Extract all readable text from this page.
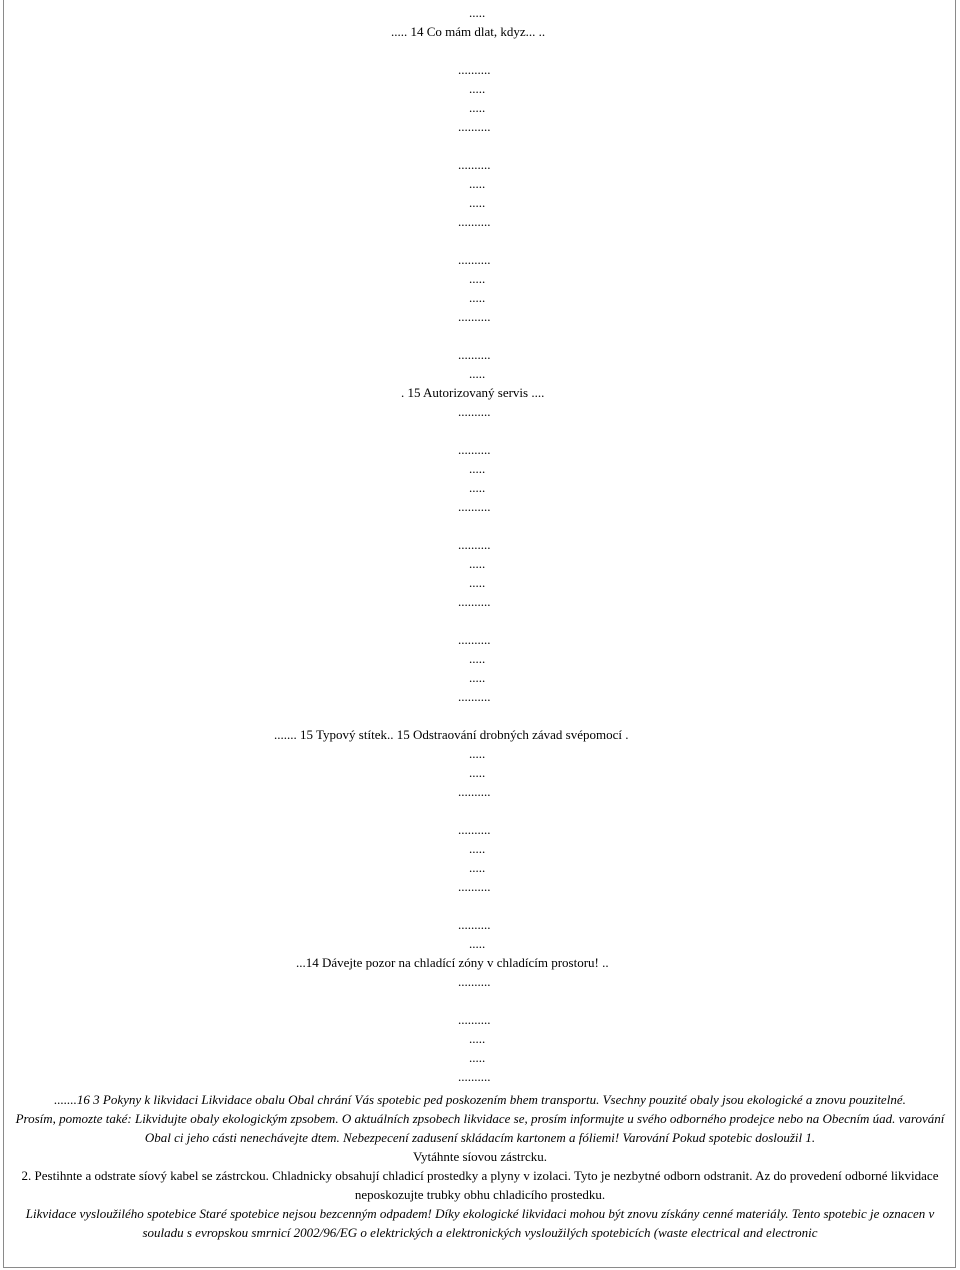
.....
..... 14 Co mám dlat, kdyz... ..
..........
.....
.....
..........
..........
.....
.....
..........
..........
.....
.....
..........
..........
.....
. 15 Autorizovaný servis ....
..........
..........
.....
.....
..........
..........
.....
.....
..........
..........
.....
.....
..........
....... 15 Typový stítek.. 15 Odstraování drobných závad svépomocí .
.....
.....
..........
..........
.....
.....
..........
..........
.....
...14 Dávejte pozor na chladící zóny v chladícím prostoru! ..
..........
..........
.....
.....
..........

.......16 3 Pokyny k likvidaci Likvidace obalu Obal chrání Vás spotebic ped poskozením bhem transportu. Vsechny pouzité obaly jsou ekologické a znovu pouzitelné.

Prosím, pomozte také: Likvidujte obaly ekologickým zpsobem. O aktuálních zpsobech likvidace se, prosím informujte u svého odborného prodejce nebo na Obecním úad. varování Obal ci jeho cásti nenechávejte dtem. Nebezpecení zadusení skládacím kartonem a fóliemi! Varování Pokud spotebic dosloužil 1.

Vytáhnte síovou zástrcku.

2. Pestihnte a odstrate síový kabel se zástrckou. Chladnicky obsahují chladicí prostedky a plyny v izolaci. Tyto je nezbytné odborn odstranit. Az do provedení odborné likvidace neposkozujte trubky obhu chladicího prostedku.

Likvidace vysloužilého spotebice Staré spotebice nejsou bezcenným odpadem! Díky ekologické likvidaci mohou být znovu získány cenné materiály. Tento spotebic je oznacen v souladu s evropskou smrnicí 2002/96/EG o elektrických a elektronických vysloužilých spotebicích (waste electrical and electronic
